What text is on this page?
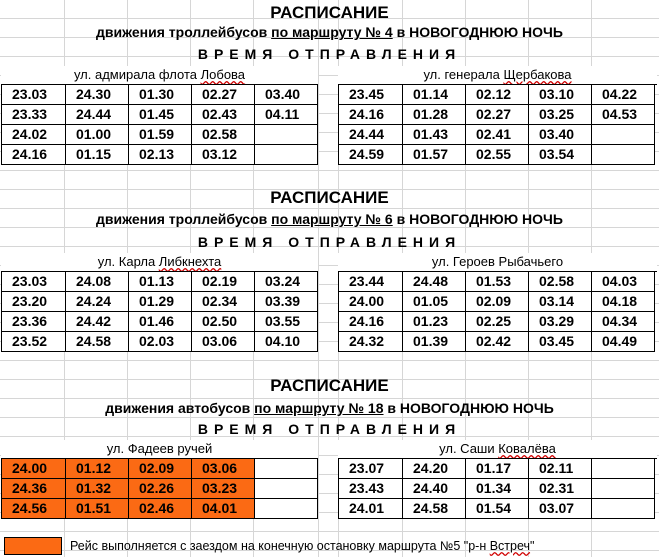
РАСПИСАНИЕ
движения троллейбусов по маршруту № 4 в НОВОГОДНЮЮ НОЧЬ
ВРЕМЯ ОТПРАВЛЕНИЯ
ул. адмирала флота Лобова	ул. генерала Щербакова
23.03	24.30	01.30	02.27	03.40
23.33	24.44	01.45	02.43	04.11
24.02	01.00	01.59	02.58	
24.16	01.15	02.13	03.12	
23.45	01.14	02.12	03.10	04.22
24.16	01.28	02.27	03.25	04.53
24.44	01.43	02.41	03.40	
24.59	01.57	02.55	03.54	
РАСПИСАНИЕ
движения троллейбусов по маршруту № 6 в НОВОГОДНЮЮ НОЧЬ
ВРЕМЯ ОТПРАВЛЕНИЯ
ул. Карла Либкнехта	ул. Героев Рыбачьего
23.03	24.08	01.13	02.19	03.24
23.20	24.24	01.29	02.34	03.39
23.36	24.42	01.46	02.50	03.55
23.52	24.58	02.03	03.06	04.10
23.44	24.48	01.53	02.58	04.03
24.00	01.05	02.09	03.14	04.18
24.16	01.23	02.25	03.29	04.34
24.32	01.39	02.42	03.45	04.49
РАСПИСАНИЕ
движения автобусов по маршруту № 18 в НОВОГОДНЮЮ НОЧЬ
ВРЕМЯ ОТПРАВЛЕНИЯ
ул. Фадеев ручей	ул. Саши Ковалёва
24.00	01.12	02.09	03.06	
24.36	01.32	02.26	03.23	
24.56	01.51	02.46	04.01	
23.07	24.20	01.17	02.11	
23.43	24.40	01.34	02.31	
24.01	24.58	01.54	03.07	
Рейс выполняется с заездом на конечную остановку маршрута №5 "р-н Встреч"
